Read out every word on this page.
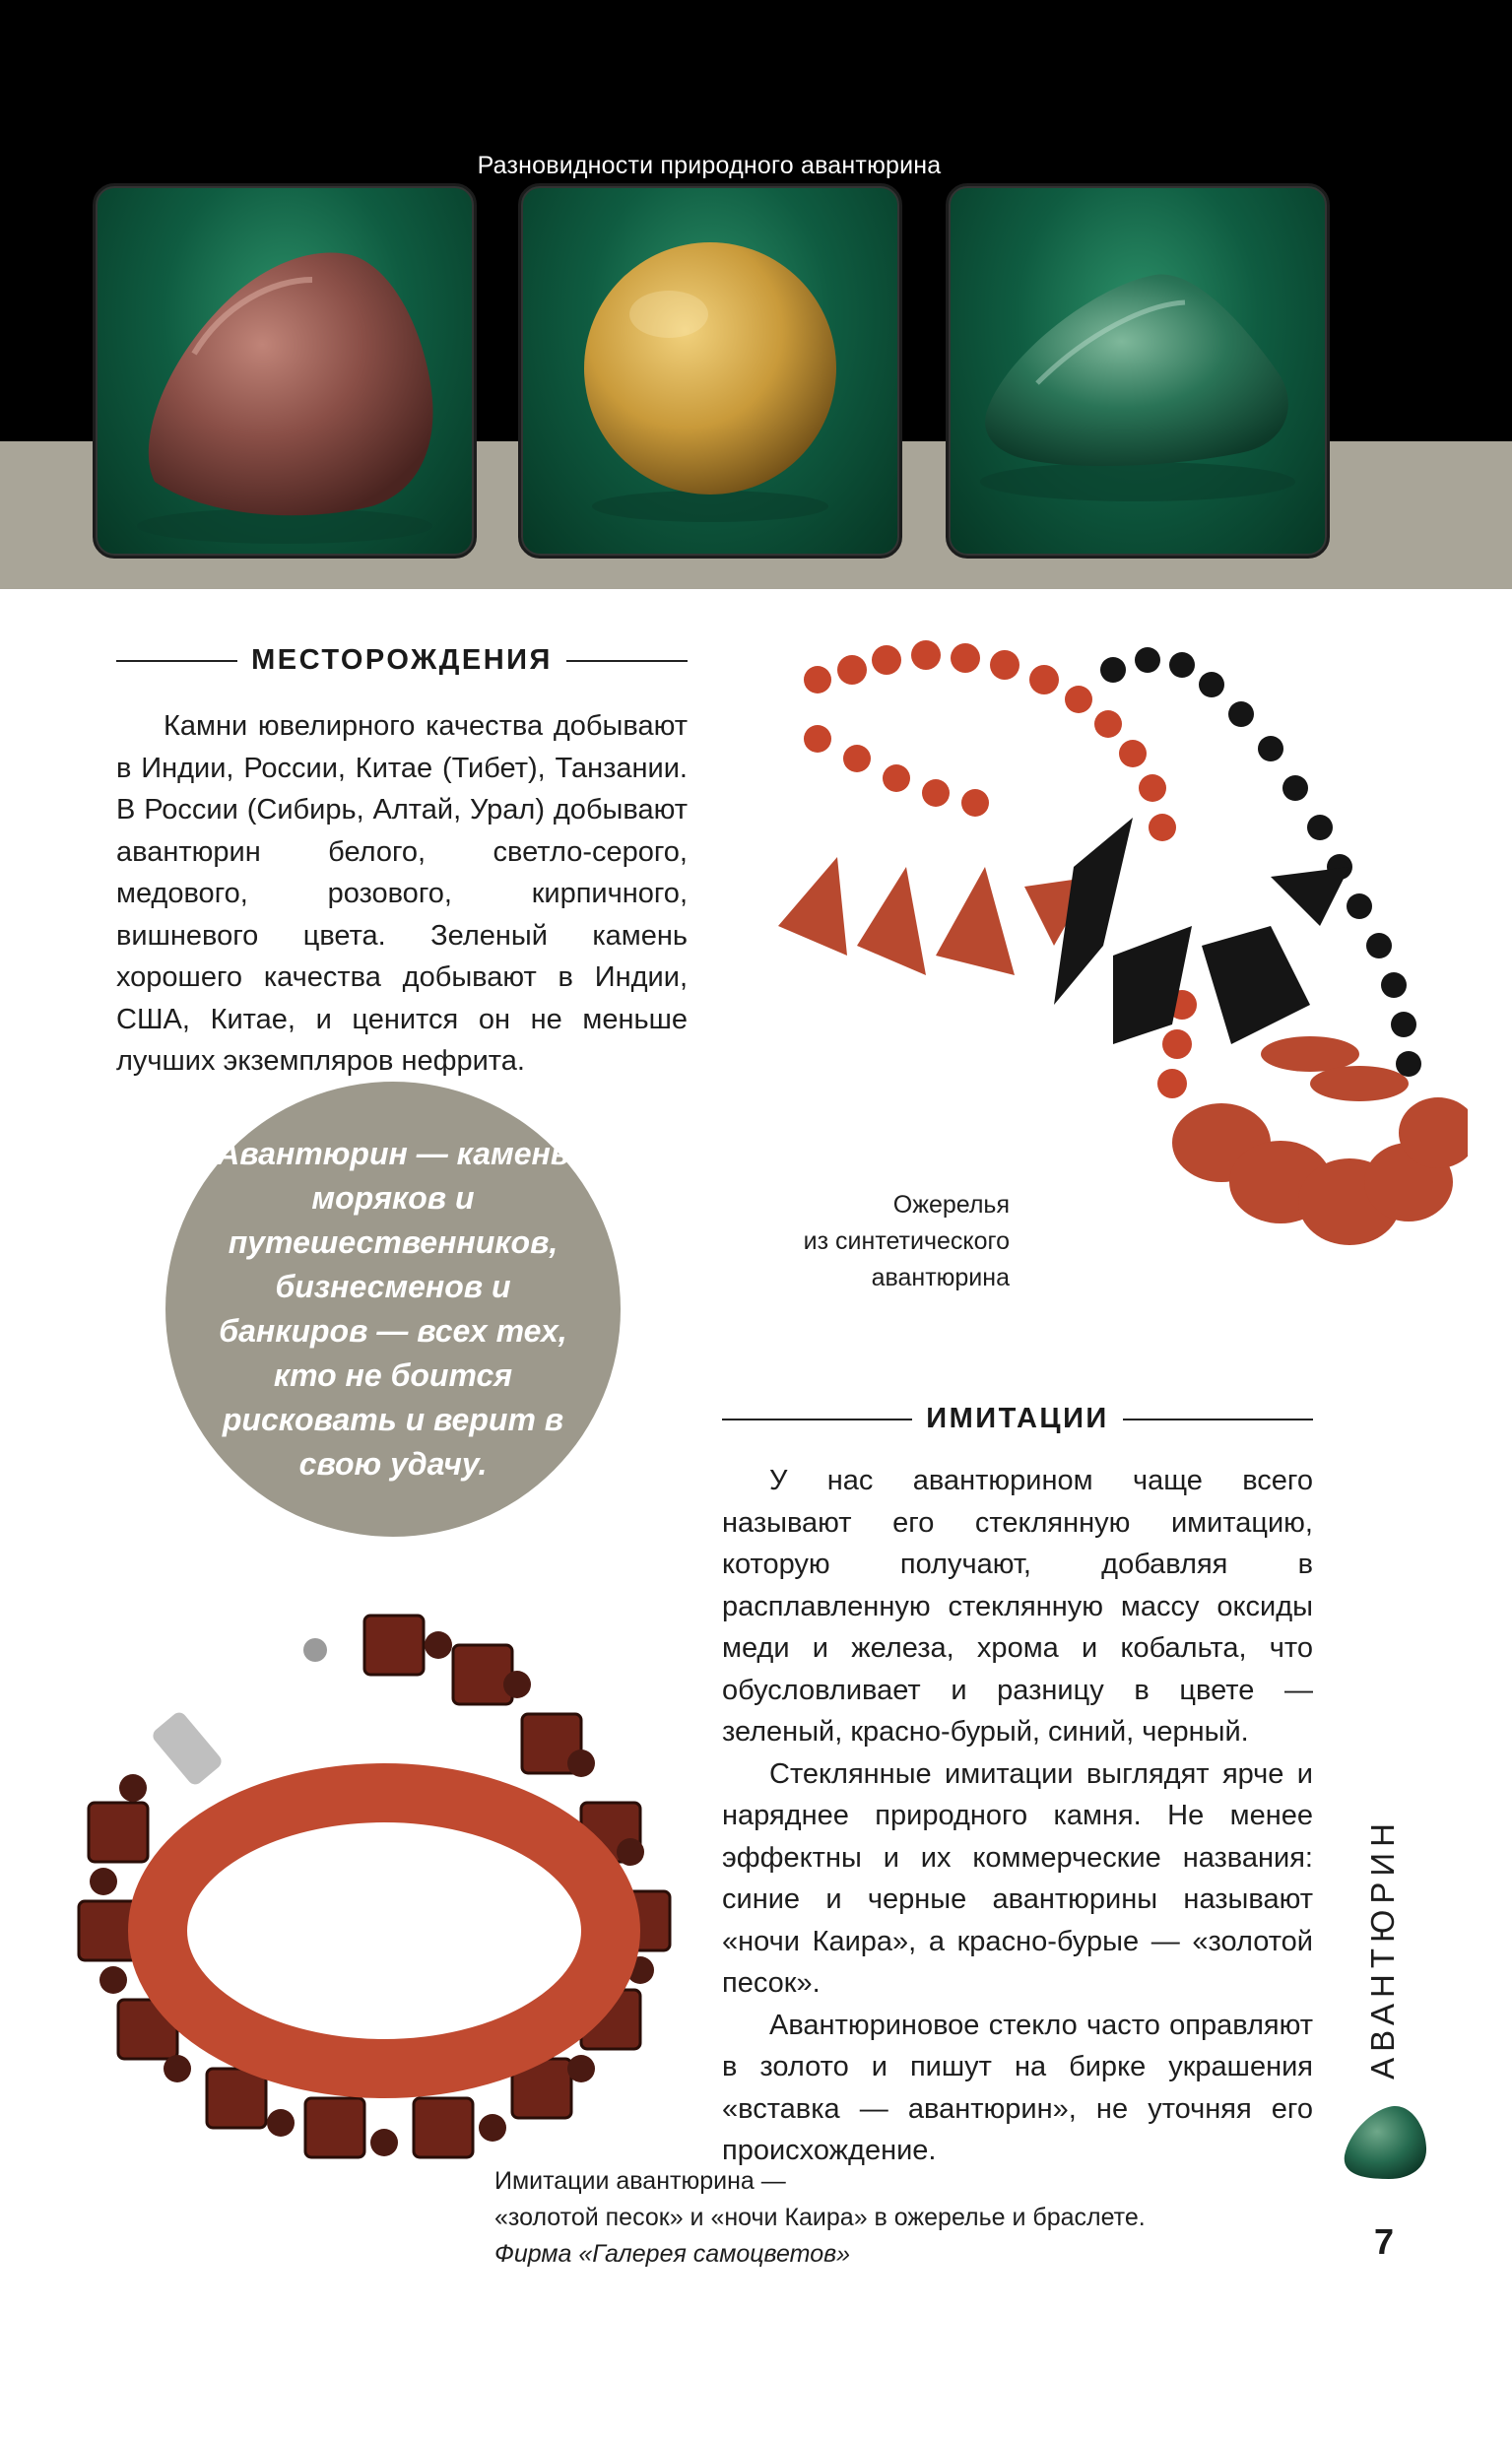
Разновидности природного авантюрина
МЕСТОРОЖДЕНИЯ

Камни ювелирного качества добывают в Индии, России, Китае (Тибет), Танзании. В России (Сибирь, Алтай, Урал) добывают авантюрин белого, светло-серого, медового, розового, кирпичного, вишневого цвета. Зеленый камень хорошего качества добывают в Индии, США, Китае, и ценится он не меньше лучших экземпляров нефрита.

Авантюрин — камень моряков и путешественников, бизнесменов и банкиров — всех тех, кто не боится рисковать и верит в свою удачу.
Ожерелья
из синтетического
авантюрина
ИМИТАЦИИ

У нас авантюрином чаще всего называют его стеклянную имитацию, которую получают, добавляя в расплавленную стеклянную массу оксиды меди и железа, хрома и кобальта, что обусловливает и разницу в цвете — зеленый, красно-бурый, синий, черный.

Стеклянные имитации выглядят ярче и наряднее природного камня. Не менее эффектны и их коммерческие названия: синие и черные авантюрины называют «ночи Каира», а красно-бурые — «золотой песок».

Авантюриновое стекло часто оправляют в золото и пишут на бирке украшения «вставка — авантюрин», не уточняя его происхождение.

Имитации авантюрина —
«золотой песок» и «ночи Каира» в ожерелье и браслете.
Фирма «Галерея самоцветов»
АВАНТЮРИН
7
